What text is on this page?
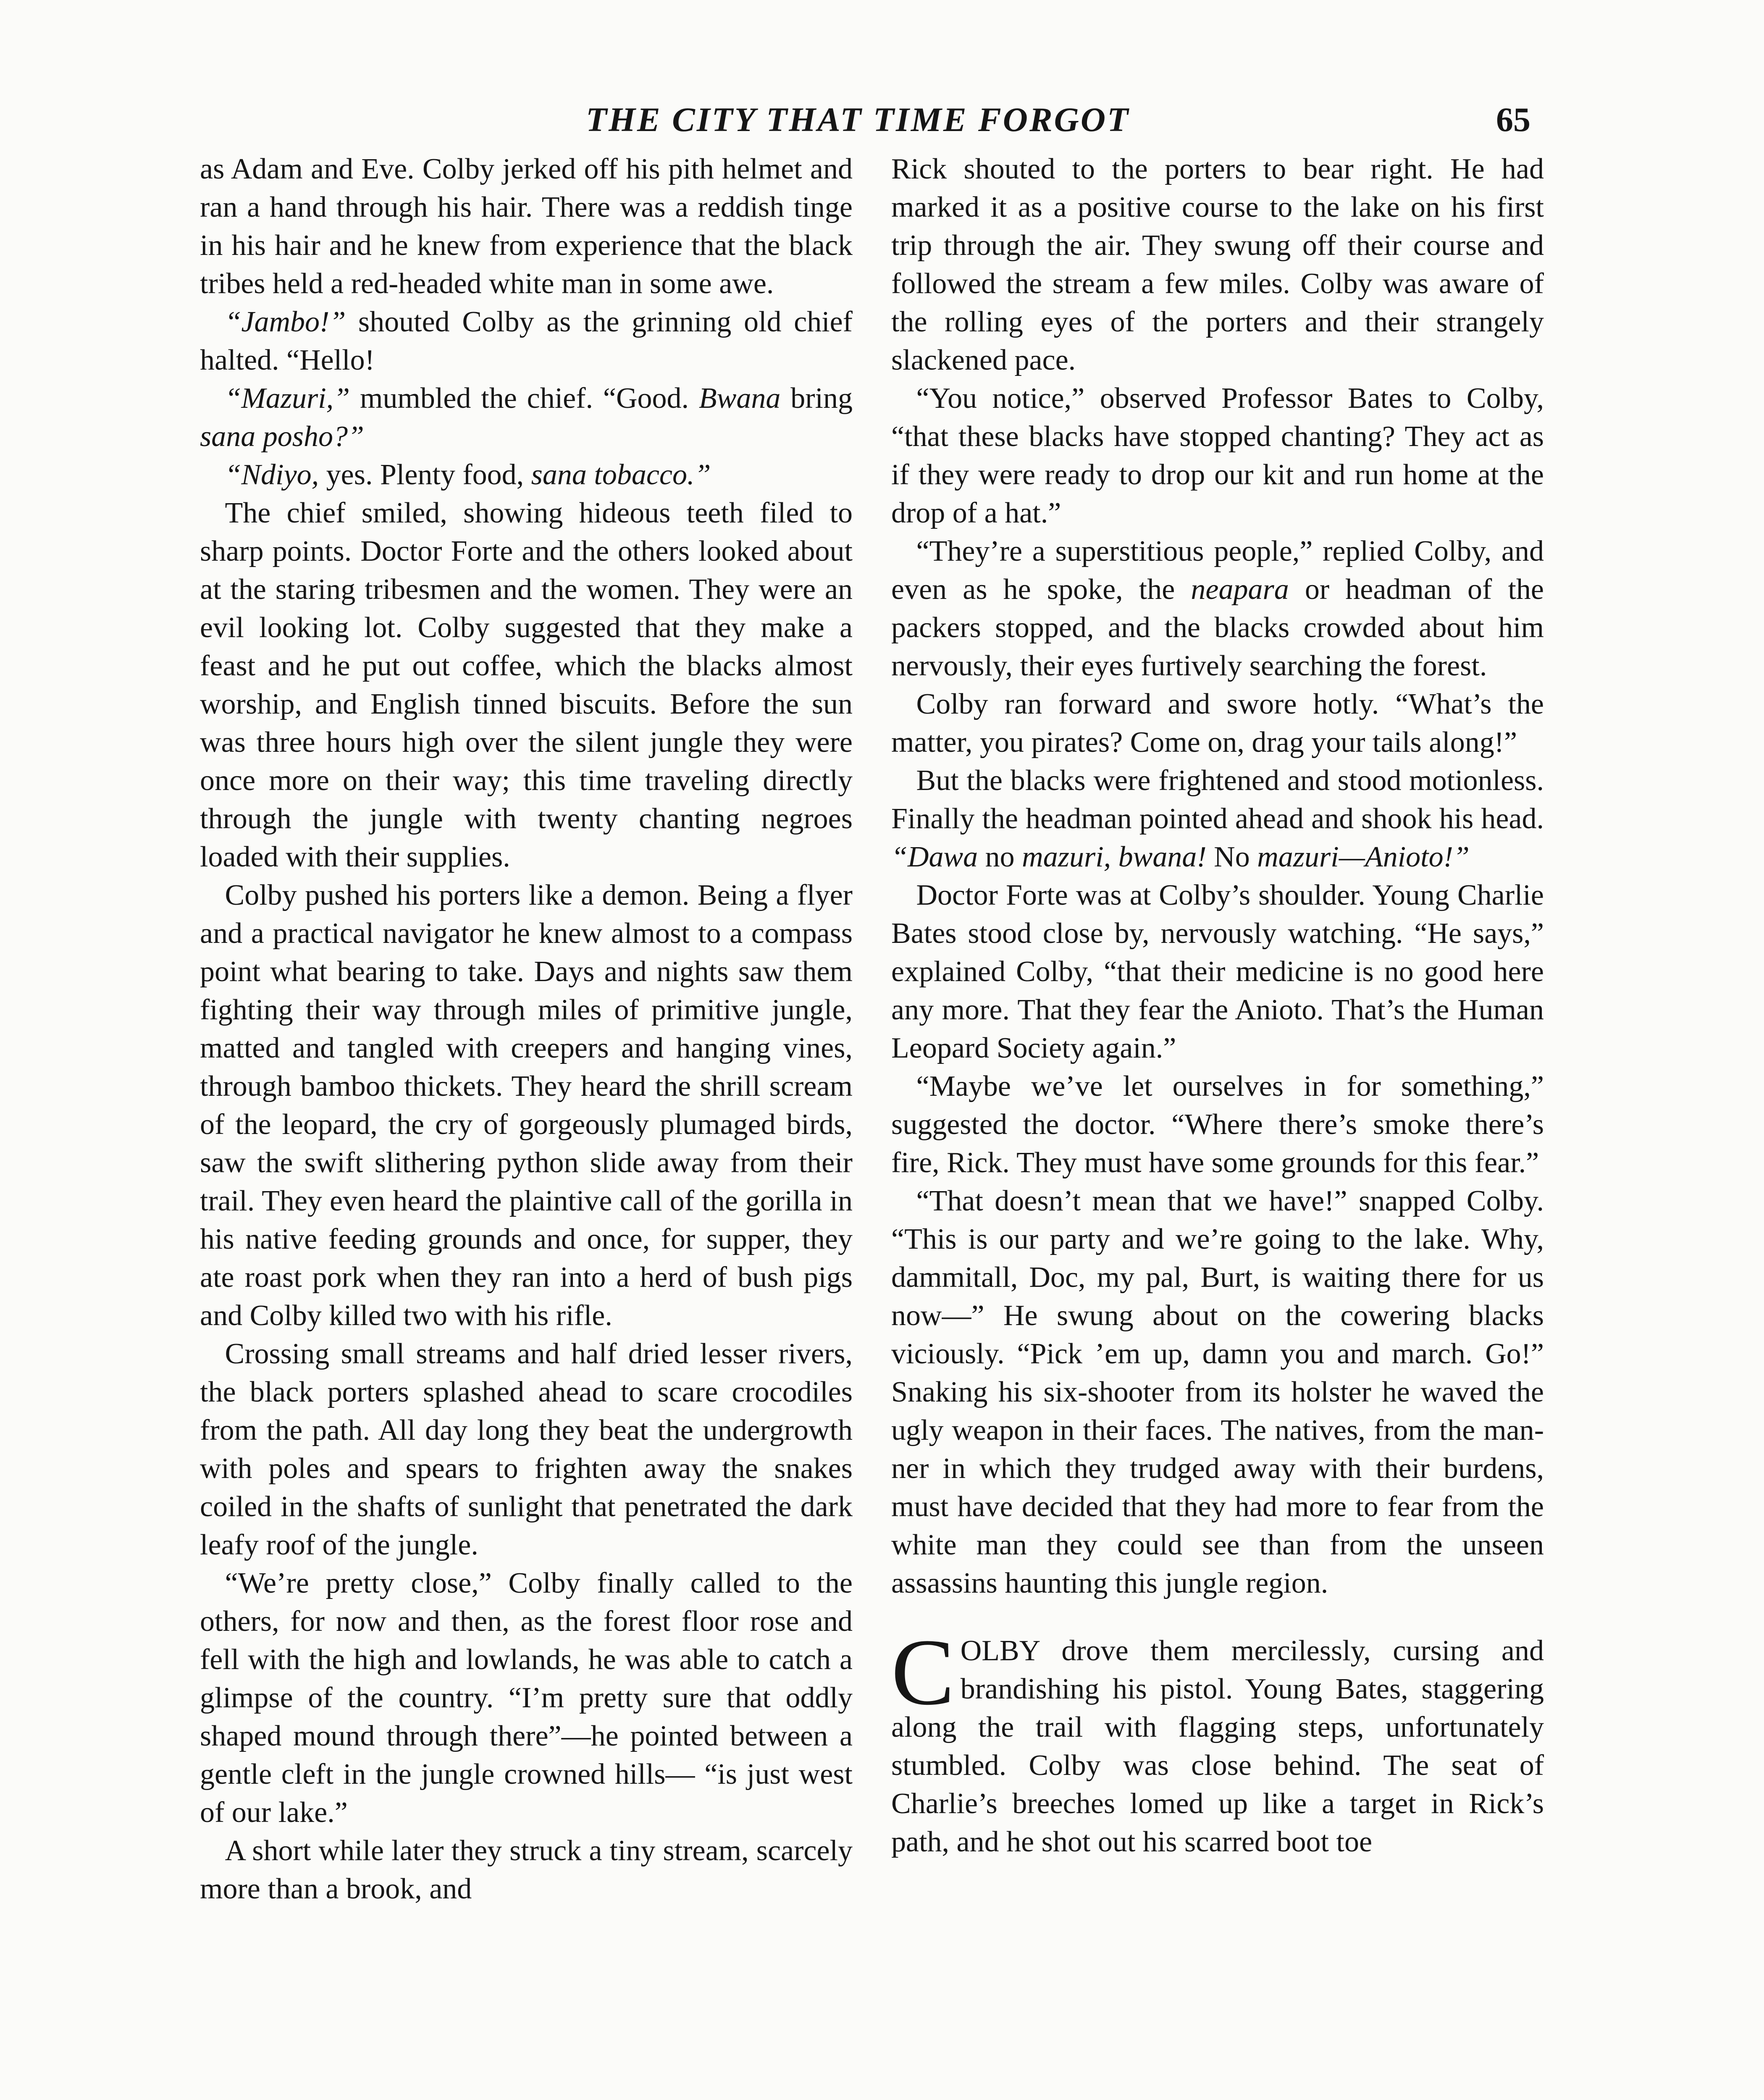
THE CITY THAT TIME FORGOT	65

as Adam and Eve. Colby jerked off his pith helmet and ran a hand through his hair. There was a reddish tinge in his hair and he knew from experience that the black tribes held a red-headed white man in some awe.

“Jambo!” shouted Colby as the grinning old chief halted. “Hello!

“Mazuri,” mumbled the chief. “Good. Bwana bring sana posho?”

“Ndiyo, yes. Plenty food, sana tobacco.”

The chief smiled, showing hideous teeth filed to sharp points. Doctor Forte and the others looked about at the staring tribesmen and the women. They were an evil looking lot. Colby suggested that they make a feast and he put out coffee, which the blacks almost worship, and English tinned biscuits. Before the sun was three hours high over the silent jungle they were once more on their way; this time traveling directly through the jungle with twenty chanting negroes loaded with their supplies.

Colby pushed his porters like a demon. Being a flyer and a practical navigator he knew almost to a compass point what bearing to take. Days and nights saw them fighting their way through miles of primitive jungle, matted and tangled with creepers and hanging vines, through bamboo thickets. They heard the shrill scream of the leopard, the cry of gorgeously plumaged birds, saw the swift slithering python slide away from their trail. They even heard the plaintive call of the gorilla in his native feeding grounds and once, for supper, they ate roast pork when they ran into a herd of bush pigs and Colby killed two with his rifle.

Crossing small streams and half dried lesser rivers, the black porters splashed ahead to scare crocodiles from the path. All day long they beat the undergrowth with poles and spears to frighten away the snakes coiled in the shafts of sunlight that penetrated the dark leafy roof of the jungle.

“We’re pretty close,” Colby finally called to the others, for now and then, as the forest floor rose and fell with the high and lowlands, he was able to catch a glimpse of the country. “I’m pretty sure that oddly shaped mound through there”—he pointed between a gentle cleft in the jungle crowned hills— “is just west of our lake.”

A short while later they struck a tiny stream, scarcely more than a brook, and

Rick shouted to the porters to bear right. He had marked it as a positive course to the lake on his first trip through the air. They swung off their course and followed the stream a few miles. Colby was aware of the rolling eyes of the porters and their strangely slackened pace.

“You notice,” observed Professor Bates to Colby, “that these blacks have stopped chanting? They act as if they were ready to drop our kit and run home at the drop of a hat.”

“They’re a superstitious people,” replied Colby, and even as he spoke, the neapara or headman of the packers stopped, and the blacks crowded about him nervously, their eyes furtively searching the forest.

Colby ran forward and swore hotly. “What’s the matter, you pirates? Come on, drag your tails along!”

But the blacks were frightened and stood motionless. Finally the headman pointed ahead and shook his head. “Dawa no mazuri, bwana! No mazuri—Anioto!”

Doctor Forte was at Colby’s shoulder. Young Charlie Bates stood close by, nervously watching. “He says,” explained Colby, “that their medicine is no good here any more. That they fear the Anioto. That’s the Human Leopard Society again.”

“Maybe we’ve let ourselves in for something,” suggested the doctor. “Where there’s smoke there’s fire, Rick. They must have some grounds for this fear.”

“That doesn’t mean that we have!” snapped Colby. “This is our party and we’re going to the lake. Why, dammitall, Doc, my pal, Burt, is waiting there for us now—” He swung about on the cowering blacks viciously. “Pick ’em up, damn you and march. Go!” Snaking his six-shooter from its holster he waved the ugly weapon in their faces. The natives, from the manner in which they trudged away with their burdens, must have decided that they had more to fear from the white man they could see than from the unseen assassins haunting this jungle region.

COLBY drove them mercilessly, cursing and brandishing his pistol. Young Bates, staggering along the trail with flagging steps, unfortunately stumbled. Colby was close behind. The seat of Charlie’s breeches lomed up like a target in Rick’s path, and he shot out his scarred boot toe
